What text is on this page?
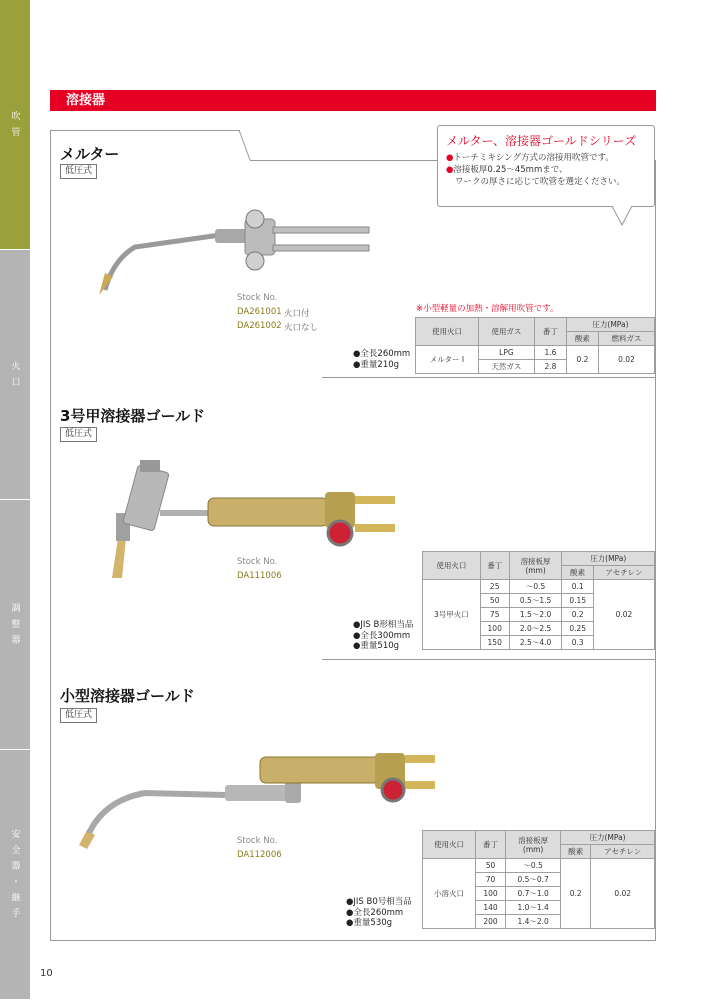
吹 管
火 口
調 整 器
安 全 器 ・ 継 手
溶接器
メルター、溶接器ゴールドシリーズ
●トーチミキシング方式の溶接用吹管です。
●溶接板厚0.25〜45mmまで、
ワークの厚さに応じて吹管を選定ください。
メルター
低圧式
Stock No.
DA261001 火口付
DA261002 火口なし
※小型軽量の加熱・溶解用吹管です。
●全長260mm
●重量210g
使用火口	使用ガス	番丁	圧力(MPa)	
			酸素	燃料ガス
メルター I	LPG	1.6	0.2	0.02
	天然ガス	2.8		
3号甲溶接器ゴールド
低圧式
Stock No.
DA111006
●JIS B形相当品
●全長300mm
●重量510g
使用火口	番丁	溶接板厚
(mm)	圧力(MPa)	
			酸素	アセチレン
3号甲火口	25	〜0.5	0.1	0.02
	50	0.5〜1.5	0.15	
	75	1.5〜2.0	0.2	
	100	2.0〜2.5	0.25	
	150	2.5〜4.0	0.3	
小型溶接器ゴールド
低圧式
Stock No.
DA112006
●JIS B0号相当品
●全長260mm
●重量530g
使用火口	番丁	溶接板厚
(mm)	圧力(MPa)	
			酸素	アセチレン
小溶火口	50	〜0.5	0.2	0.02
	70	0.5〜0.7		
	100	0.7〜1.0		
	140	1.0〜1.4		
	200	1.4〜2.0		
10
